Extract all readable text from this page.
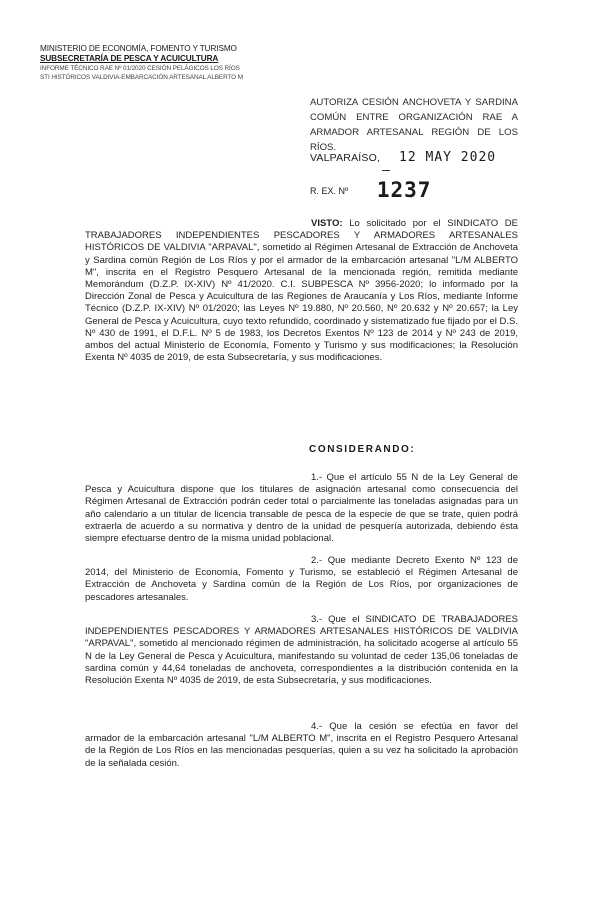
MINISTERIO DE ECONOMÍA, FOMENTO Y TURISMO
SUBSECRETARÍA DE PESCA Y ACUICULTURA
INFORME TÉCNICO RAE Nº 01/2020 CESIÓN PELÁGICOS LOS RÍOS
STI HISTÓRICOS VALDIVIA-EMBARCACIÓN ARTESANAL ALBERTO M
AUTORIZA CESIÓN ANCHOVETA Y SARDINA COMÚN ENTRE ORGANIZACIÓN RAE A ARMADOR ARTESANAL REGIÓN DE LOS RÍOS.
VALPARAÍSO, 12 MAY 2020
R. EX. Nº 1237
VISTO: Lo solicitado por el SINDICATO DE TRABAJADORES INDEPENDIENTES PESCADORES Y ARMADORES ARTESANALES HISTÓRICOS DE VALDIVIA "ARPAVAL", sometido al Régimen Artesanal de Extracción de Anchoveta y Sardina común Región de Los Ríos y por el armador de la embarcación artesanal "L/M ALBERTO M", inscrita en el Registro Pesquero Artesanal de la mencionada región, remitida mediante Memorándum (D.Z.P. IX-XIV) Nº 41/2020. C.I. SUBPESCA Nº 3956-2020; lo informado por la Dirección Zonal de Pesca y Acuicultura de las Regiones de Araucanía y Los Ríos, mediante Informe Técnico (D.Z.P. IX-XIV) Nº 01/2020; las Leyes Nº 19.880, Nº 20.560, Nº 20.632 y Nº 20.657; la Ley General de Pesca y Acuicultura, cuyo texto refundido, coordinado y sistematizado fue fijado por el D.S. Nº 430 de 1991, el D.F.L. Nº 5 de 1983, los Decretos Exentos Nº 123 de 2014 y Nº 243 de 2019, ambos del actual Ministerio de Economía, Fomento y Turismo y sus modificaciones; la Resolución Exenta Nº 4035 de 2019, de esta Subsecretaría, y sus modificaciones.
CONSIDERANDO:
1.- Que el artículo 55 N de la Ley General de Pesca y Acuicultura dispone que los titulares de asignación artesanal como consecuencia del Régimen Artesanal de Extracción podrán ceder total o parcialmente las toneladas asignadas para un año calendario a un titular de licencia transable de pesca de la especie de que se trate, quien podrá extraerla de acuerdo a su normativa y dentro de la unidad de pesquería autorizada, debiendo ésta siempre efectuarse dentro de la misma unidad poblacional.
2.- Que mediante Decreto Exento Nº 123 de 2014, del Ministerio de Economía, Fomento y Turismo, se estableció el Régimen Artesanal de Extracción de Anchoveta y Sardina común de la Región de Los Ríos, por organizaciones de pescadores artesanales.
3.- Que el SINDICATO DE TRABAJADORES INDEPENDIENTES PESCADORES Y ARMADORES ARTESANALES HISTÓRICOS DE VALDIVIA "ARPAVAL", sometido al mencionado régimen de administración, ha solicitado acogerse al artículo 55 N de la Ley General de Pesca y Acuicultura, manifestando su voluntad de ceder 135,06 toneladas de sardina común y 44,64 toneladas de anchoveta, correspondientes a la distribución contenida en la Resolución Exenta Nº 4035 de 2019, de esta Subsecretaría, y sus modificaciones.
4.- Que la cesión se efectúa en favor del armador de la embarcación artesanal "L/M ALBERTO M", inscrita en el Registro Pesquero Artesanal de la Región de Los Ríos en las mencionadas pesquerías, quien a su vez ha solicitado la aprobación de la señalada cesión.
